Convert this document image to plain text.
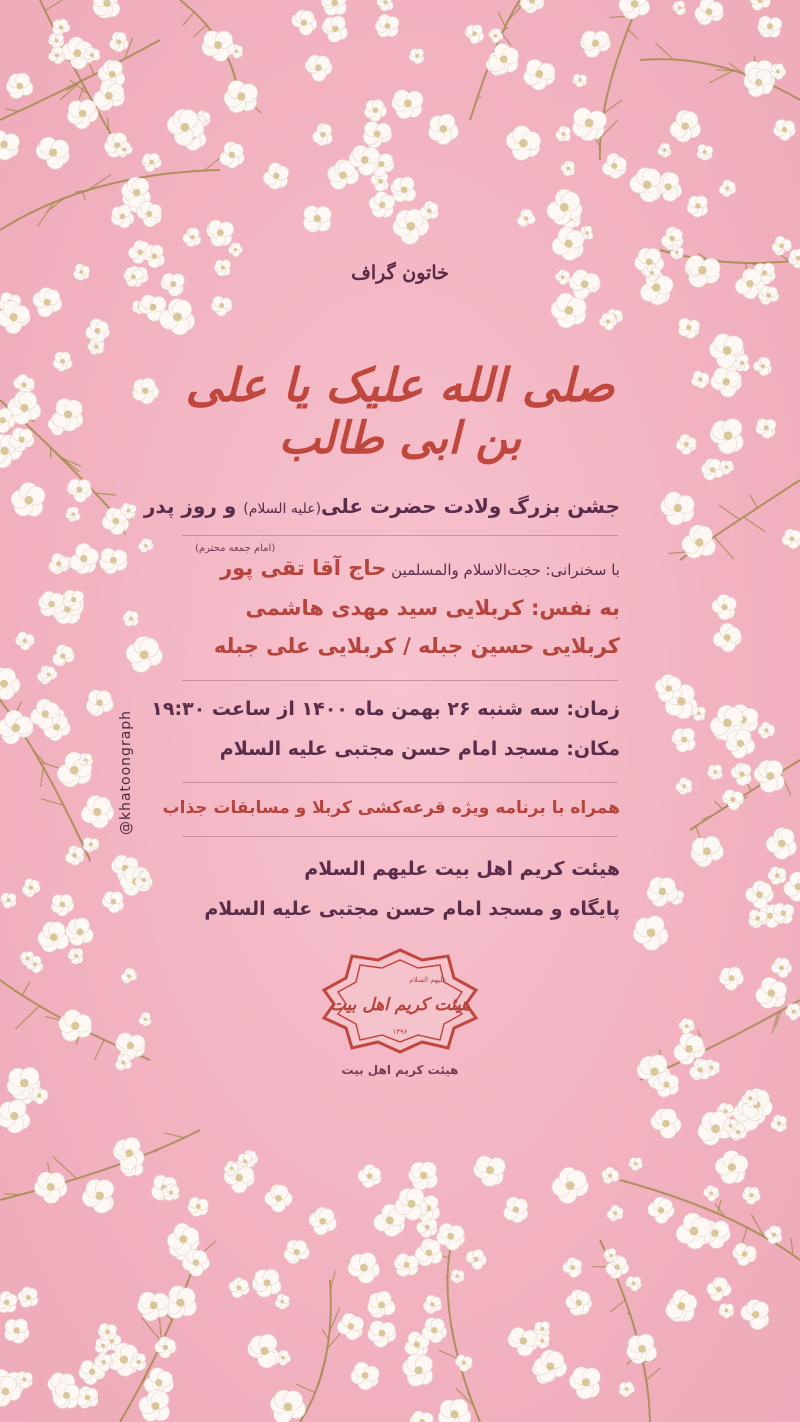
خاتون گراف
صلی الله علیک یا علی
بن ابی طالب
جشن بزرگ ولادت حضرت علی(علیه السلام) و روز پدر
(امام جمعه محترم)
با سخنرانی: حجت‌الاسلام والمسلمین حاج آقا تقی پور
به نفس: کربلایی سید مهدی هاشمی
کربلایی حسین جبله / کربلایی علی جبله
زمان: سه شنبه ۲۶ بهمن ماه ۱۴۰۰ از ساعت ۱۹:۳۰
مکان: مسجد امام حسن مجتبی علیه السلام
همراه با برنامه ویژه قرعه‌کشی کربلا و مسابقات جذاب
هیئت کریم اهل بیت علیهم السلام
پایگاه و مسجد امام حسن مجتبی علیه السلام
@khatoongraph
هیئت کریم اهل بیت
علیهم السلام
۱۳۹۶
هیئت کریم اهل بیت
